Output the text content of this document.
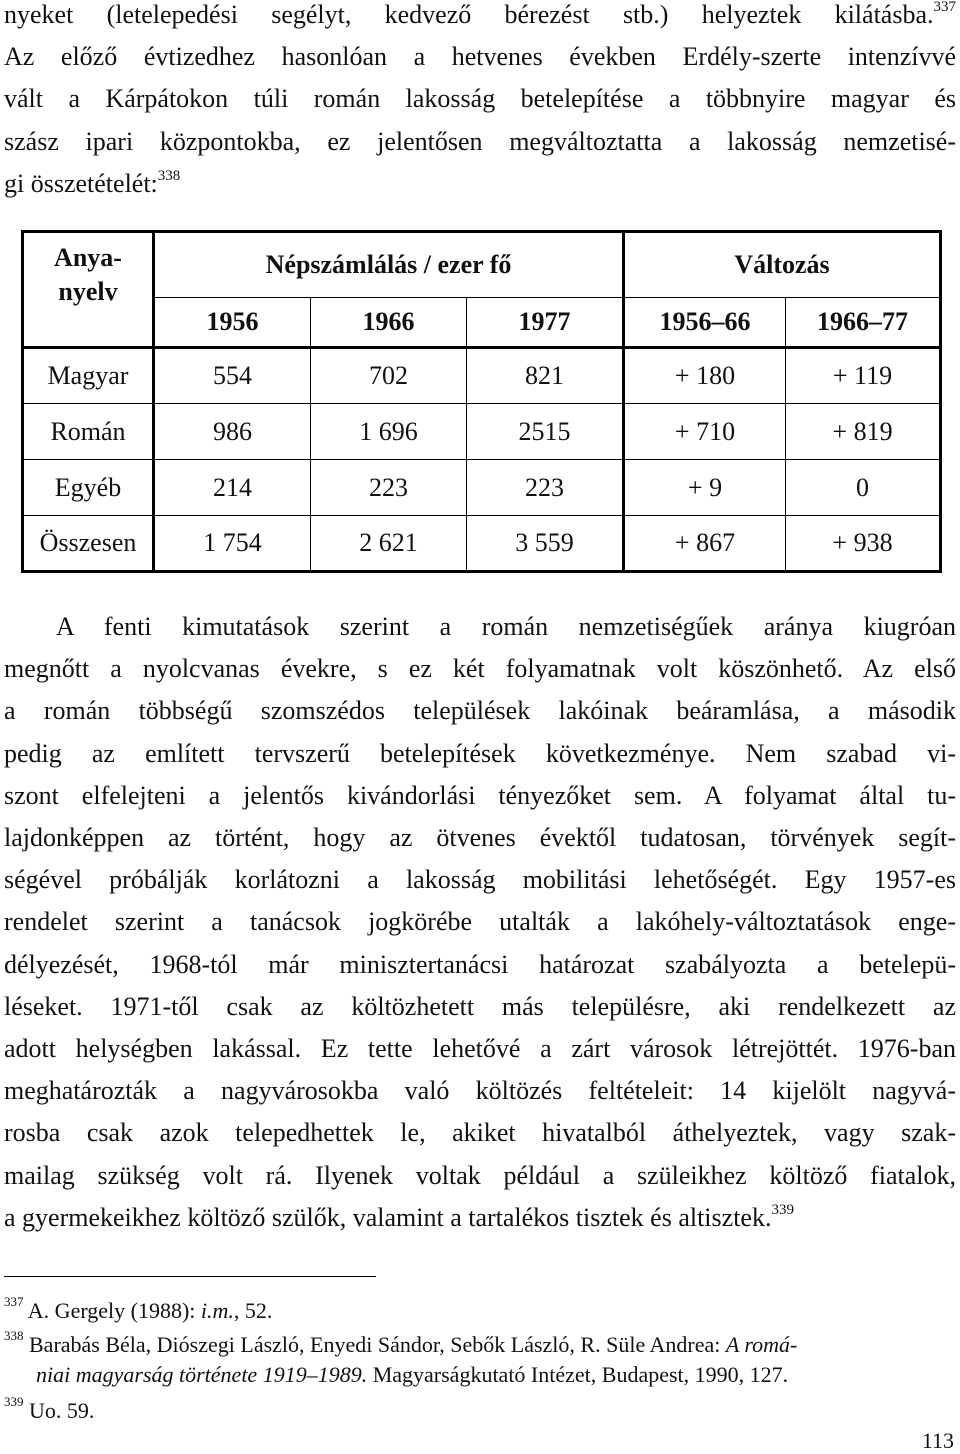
nyeket (letelepedési segélyt, kedvező bérezést stb.) helyeztek kilátásba.$^{337}$
Az előző évtizedhez hasonlóan a hetvenes években Erdély-szerte intenzívvé
vált a Kárpátokon túli román lakosság betelepítése a többnyire magyar és
szász ipari központokba, ez jelentősen megváltoztatta a lakosság nemzetisé-
gi összetételét:$^{338}$
Anya-
nyelv	Népszámlálás / ezer fő			Változás	
	1956	1966	1977	1956–66	1966–77
Magyar	554	702	821	+ 180	+ 119
Román	986	1 696	2515	+ 710	+ 819
Egyéb	214	223	223	+ 9	0
Összesen	1 754	2 621	3 559	+ 867	+ 938
A fenti kimutatások szerint a román nemzetiségűek aránya kiugróan
megnőtt a nyolcvanas évekre, s ez két folyamatnak volt köszönhető. Az első
a román többségű szomszédos települések lakóinak beáramlása, a második
pedig az említett tervszerű betelepítések következménye. Nem szabad vi-
szont elfelejteni a jelentős kivándorlási tényezőket sem. A folyamat által tu-
lajdonképpen az történt, hogy az ötvenes évektől tudatosan, törvények segít-
ségével próbálják korlátozni a lakosság mobilitási lehetőségét. Egy 1957-es
rendelet szerint a tanácsok jogkörébe utalták a lakóhely-változtatások enge-
délyezését, 1968-tól már minisztertanácsi határozat szabályozta a betelepü-
léseket. 1971-től csak az költözhetett más településre, aki rendelkezett az
adott helységben lakással. Ez tette lehetővé a zárt városok létrejöttét. 1976-ban
meghatározták a nagyvárosokba való költözés feltételeit: 14 kijelölt nagyvá-
rosba csak azok telepedhettek le, akiket hivatalból áthelyeztek, vagy szak-
mailag szükség volt rá. Ilyenek voltak például a szüleikhez költöző fiatalok,
a gyermekeikhez költöző szülők, valamint a tartalékos tisztek és altisztek.$^{339}$

$^{337}$ A. Gergely (1988): i.m., 52.

$^{338}$ Barabás Béla, Diószegi László, Enyedi Sándor, Sebők László, R. Süle Andrea: A romá-
niai magyarság története 1919–1989. Magyarságkutató Intézet, Budapest, 1990, 127.

$^{339}$ Uo. 59.

113
